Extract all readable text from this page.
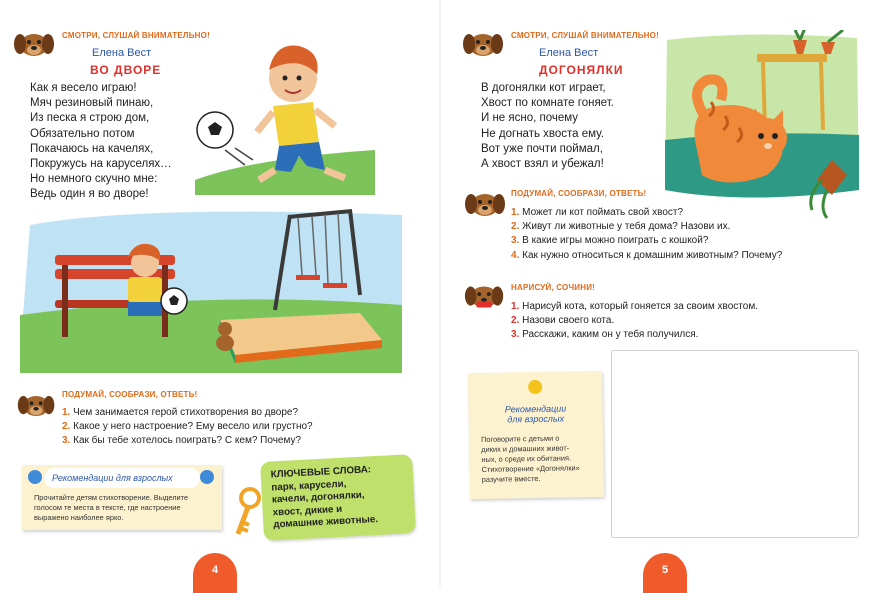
СМОТРИ, СЛУШАЙ ВНИМАТЕЛЬНО!
Елена Вест
ВО ДВОРЕ
Как я весело играю!
Мяч резиновый пинаю,
Из песка я строю дом,
Обязательно потом
Покачаюсь на качелях,
Покружусь на каруселях…
Но немного скучно мне:
Ведь один я во дворе!
ПОДУМАЙ, СООБРАЗИ, ОТВЕТЬ!
1. Чем занимается герой стихотворения во дворе?
2. Какое у него настроение? Ему весело или грустно?
3. Как бы тебе хотелось поиграть? С кем? Почему?
Рекомендации для взрослых
Прочитайте детям стихотворение. Выделите
голосом те места в тексте, где настроение
выражено наиболее ярко.
КЛЮЧЕВЫЕ СЛОВА:
парк, карусели,
качели, догонялки,
хвост, дикие и
домашние животные.
4
СМОТРИ, СЛУШАЙ ВНИМАТЕЛЬНО!
Елена Вест
ДОГОНЯЛКИ
В догонялки кот играет,
Хвост по комнате гоняет.
И не ясно, почему
Не догнать хвоста ему.
Вот уже почти поймал,
А хвост взял и убежал!
ПОДУМАЙ, СООБРАЗИ, ОТВЕТЬ!
1. Может ли кот поймать свой хвост?
2. Живут ли животные у тебя дома? Назови их.
3. В какие игры можно поиграть с кошкой?
4. Как нужно относиться к домашним животным? Почему?
НАРИСУЙ, СОЧИНИ!
1. Нарисуй кота, который гоняется за своим хвостом.
2. Назови своего кота.
3. Расскажи, каким он у тебя получился.
Рекомендации
для взрослых
Поговорите с детьми о
диких и домашних живот-
ных, о среде их обитания.
Стихотворение «Догонялки»
разучите вместе.
5
